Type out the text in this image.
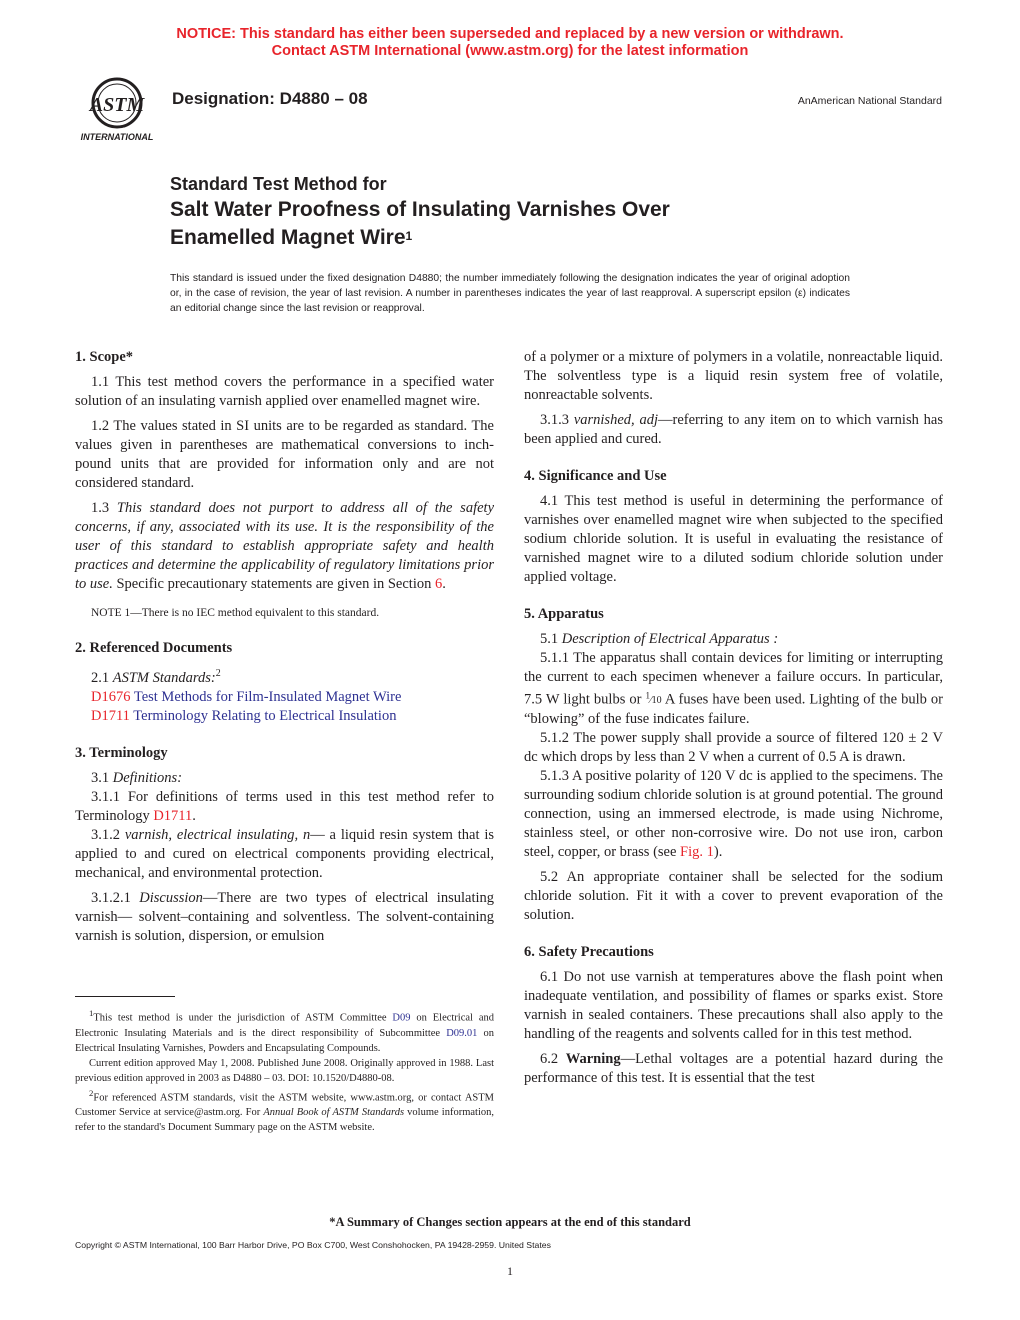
NOTICE: This standard has either been superseded and replaced by a new version or withdrawn.
Contact ASTM International (www.astm.org) for the latest information
ASTM
INTERNATIONAL
Designation: D4880 – 08	AnAmerican National Standard
Standard Test Method for
Salt Water Proofness of Insulating Varnishes Over
Enamelled Magnet Wire$^1$
This standard is issued under the fixed designation D4880; the number immediately following the designation indicates the year of original adoption or, in the case of revision, the year of last revision. A number in parentheses indicates the year of last reapproval. A superscript epsilon (ε) indicates an editorial change since the last revision or reapproval.
1. Scope*

1.1 This test method covers the performance in a specified water solution of an insulating varnish applied over enamelled magnet wire.

1.2 The values stated in SI units are to be regarded as standard. The values given in parentheses are mathematical conversions to inch-pound units that are provided for information only and are not considered standard.

1.3 This standard does not purport to address all of the safety concerns, if any, associated with its use. It is the responsibility of the user of this standard to establish appropriate safety and health practices and determine the applicability of regulatory limitations prior to use. Specific precautionary statements are given in Section 6.

NOTE 1—There is no IEC method equivalent to this standard.

2. Referenced Documents

2.1 ASTM Standards:$^2$

D1676 Test Methods for Film-Insulated Magnet Wire

D1711 Terminology Relating to Electrical Insulation

3. Terminology

3.1 Definitions:

3.1.1 For definitions of terms used in this test method refer to Terminology D1711.

3.1.2 varnish, electrical insulating, n— a liquid resin system that is applied to and cured on electrical components providing electrical, mechanical, and environmental protection.

3.1.2.1 Discussion—There are two types of electrical insulating varnish— solvent–containing and solventless. The solvent-containing varnish is solution, dispersion, or emulsion

$^1$This test method is under the jurisdiction of ASTM Committee D09 on Electrical and Electronic Insulating Materials and is the direct responsibility of Subcommittee D09.01 on Electrical Insulating Varnishes, Powders and Encapsulating Compounds.

Current edition approved May 1, 2008. Published June 2008. Originally approved in 1988. Last previous edition approved in 2003 as D4880 – 03. DOI: 10.1520/D4880-08.

$^2$For referenced ASTM standards, visit the ASTM website, www.astm.org, or contact ASTM Customer Service at service@astm.org. For Annual Book of ASTM Standards volume information, refer to the standard's Document Summary page on the ASTM website.

of a polymer or a mixture of polymers in a volatile, nonreactable liquid. The solventless type is a liquid resin system free of volatile, nonreactable solvents.

3.1.3 varnished, adj—referring to any item on to which varnish has been applied and cured.

4. Significance and Use

4.1 This test method is useful in determining the performance of varnishes over enamelled magnet wire when subjected to the specified sodium chloride solution. It is useful in evaluating the resistance of varnished magnet wire to a diluted sodium chloride solution under applied voltage.

5. Apparatus

5.1 Description of Electrical Apparatus :

5.1.1 The apparatus shall contain devices for limiting or interrupting the current to each specimen whenever a failure occurs. In particular, 7.5 W light bulbs or $^1$⁄10 A fuses have been used. Lighting of the bulb or “blowing” of the fuse indicates failure.

5.1.2 The power supply shall provide a source of filtered 120 ± 2 V dc which drops by less than 2 V when a current of 0.5 A is drawn.

5.1.3 A positive polarity of 120 V dc is applied to the specimens. The surrounding sodium chloride solution is at ground potential. The ground connection, using an immersed electrode, is made using Nichrome, stainless steel, or other non-corrosive wire. Do not use iron, carbon steel, copper, or brass (see Fig. 1).

5.2 An appropriate container shall be selected for the sodium chloride solution. Fit it with a cover to prevent evaporation of the solution.

6. Safety Precautions

6.1 Do not use varnish at temperatures above the flash point when inadequate ventilation, and possibility of flames or sparks exist. Store varnish in sealed containers. These precautions shall also apply to the handling of the reagents and solvents called for in this test method.

6.2 Warning—Lethal voltages are a potential hazard during the performance of this test. It is essential that the test

*A Summary of Changes section appears at the end of this standard
Copyright © ASTM International, 100 Barr Harbor Drive, PO Box C700, West Conshohocken, PA 19428-2959. United States
1
